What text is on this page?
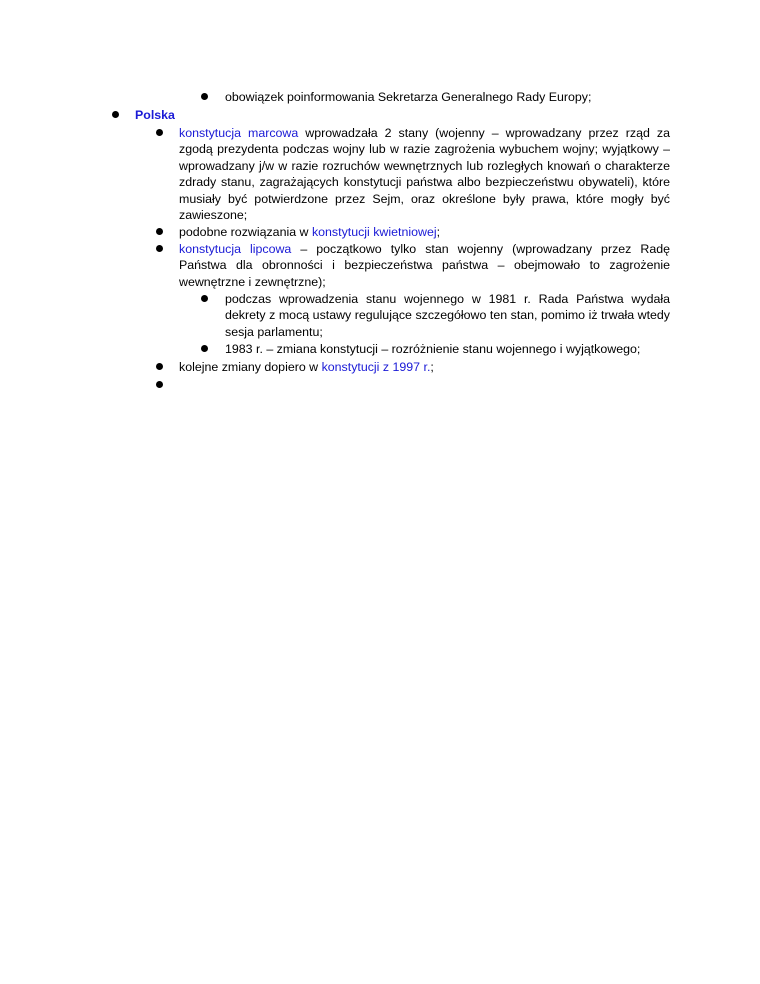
obowiązek poinformowania Sekretarza Generalnego Rady Europy;
Polska
konstytucja marcowa wprowadzała 2 stany (wojenny – wprowadzany przez rząd za
zgodą prezydenta podczas wojny lub w razie zagrożenia wybuchem wojny; wyjątkowy –
wprowadzany j/w w razie rozruchów wewnętrznych lub rozległych knowań o charakterze
zdrady stanu, zagrażających konstytucji państwa albo bezpieczeństwu obywateli), które
musiały być potwierdzone przez Sejm, oraz określone były prawa, które mogły być
zawieszone;
podobne rozwiązania w konstytucji kwietniowej;
konstytucja lipcowa – początkowo tylko stan wojenny (wprowadzany przez Radę
Państwa dla obronności i bezpieczeństwa państwa – obejmowało to zagrożenie
wewnętrzne i zewnętrzne);
podczas wprowadzenia stanu wojennego w 1981 r. Rada Państwa wydała
dekrety z mocą ustawy regulujące szczegółowo ten stan, pomimo iż trwała wtedy
sesja parlamentu;
1983 r. – zmiana konstytucji – rozróżnienie stanu wojennego i wyjątkowego;
kolejne zmiany dopiero w konstytucji z 1997 r.;
